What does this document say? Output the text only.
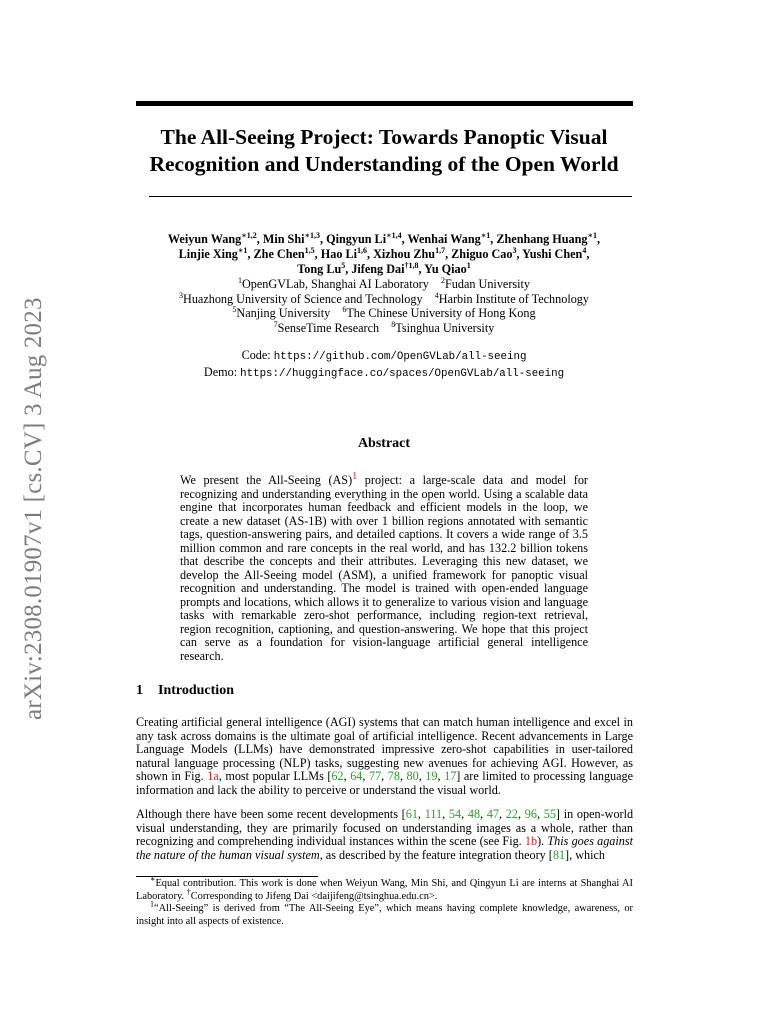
arXiv:2308.01907v1 [cs.CV] 3 Aug 2023
The All-Seeing Project: Towards Panoptic Visual
Recognition and Understanding of the Open World
Weiyun Wang$^{∗1,2}$, Min Shi$^{∗1,3}$, Qingyun $Li^{∗1,4}$, Wenhai Wang$^{∗1}$, Zhenhang Huang$^{∗1}$,
Linjie Xing$^{∗1}$, Zhe Chen$^{1,5}$, Hao Li$^{1,6}$, Xizhou Zhu$^{1,7}$, Zhiguo Cao$^3$, Yushi Chen$^4$,
Tong Lu$^5$, Jifeng Dai$^{\dagger 1,8}$, Yu Qiao$^1$
$^1$OpenGVLab, Shanghai AI Laboratory $^2$Fudan University
$^3$Huazhong University of Science and Technology $^4$Harbin Institute of Technology
$^5$Nanjing University $^6$The Chinese University of Hong Kong
$^7$SenseTime Research $^8$Tsinghua University
Code: https://github.com/OpenGVLab/all-seeing
Demo: https://huggingface.co/spaces/OpenGVLab/all-seeing
Abstract
We present the All-Seeing (AS)$^1$ project: a large-scale data and model for recognizing and understanding everything in the open world. Using a scalable data engine that incorporates human feedback and efficient models in the loop, we create a new dataset (AS-1B) with over 1 billion regions annotated with semantic tags, question-answering pairs, and detailed captions. It covers a wide range of 3.5 million common and rare concepts in the real world, and has 132.2 billion tokens that describe the concepts and their attributes. Leveraging this new dataset, we develop the All-Seeing model (ASM), a unified framework for panoptic visual recognition and understanding. The model is trained with open-ended language prompts and locations, which allows it to generalize to various vision and language tasks with remarkable zero-shot performance, including region-text retrieval, region recognition, captioning, and question-answering. We hope that this project can serve as a foundation for vision-language artificial general intelligence research.
1 Introduction
Creating artificial general intelligence (AGI) systems that can match human intelligence and excel in any task across domains is the ultimate goal of artificial intelligence. Recent advancements in Large Language Models (LLMs) have demonstrated impressive zero-shot capabilities in user-tailored natural language processing (NLP) tasks, suggesting new avenues for achieving AGI. However, as shown in Fig. 1a, most popular LLMs [62, 64, 77, 78, 80, 19, 17] are limited to processing language information and lack the ability to perceive or understand the visual world.
Although there have been some recent developments [61, 111, 54, 48, 47, 22, 96, 55] in open-world visual understanding, they are primarily focused on understanding images as a whole, rather than recognizing and comprehending individual instances within the scene (see Fig. 1b). This goes against the nature of the human visual system, as described by the feature integration theory [81], which

∗Equal contribution. This work is done when Weiyun Wang, Min Shi, and Qingyun Li are interns at Shanghai AI Laboratory. †Corresponding to Jifeng Dai <daijifeng@tsinghua.edu.cn>.

$^1$“All-Seeing” is derived from “The All-Seeing Eye”, which means having complete knowledge, awareness, or insight into all aspects of existence.
